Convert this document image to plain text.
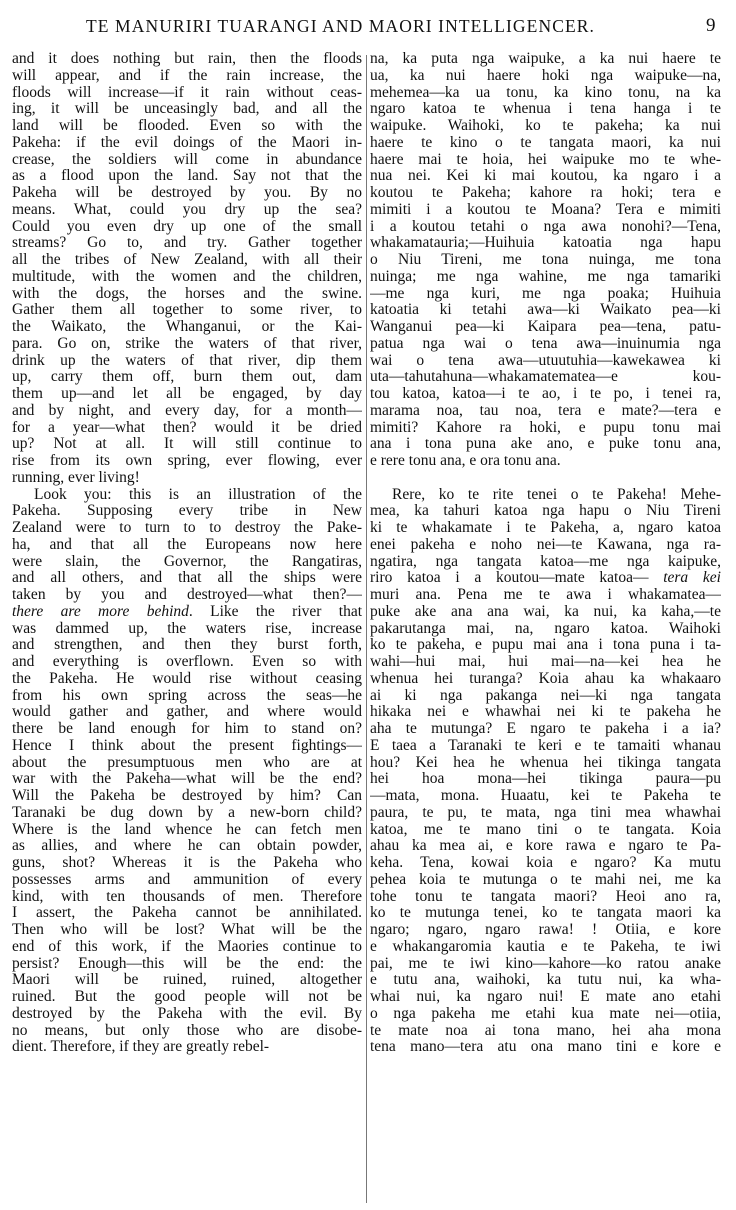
TE MANURIRI TUARANGI AND MAORI INTELLIGENCER.	9
and it does nothing but rain, then the floods
will appear, and if the rain increase, the
floods will increase—if it rain without ceas-
ing, it will be unceasingly bad, and all the
land will be flooded. Even so with the
Pakeha: if the evil doings of the Maori in-
crease, the soldiers will come in abundance
as a flood upon the land. Say not that the
Pakeha will be destroyed by you. By no
means. What, could you dry up the sea?
Could you even dry up one of the small
streams? Go to, and try. Gather together
all the tribes of New Zealand, with all their
multitude, with the women and the children,
with the dogs, the horses and the swine.
Gather them all together to some river, to
the Waikato, the Whanganui, or the Kai-
para. Go on, strike the waters of that river,
drink up the waters of that river, dip them
up, carry them off, burn them out, dam
them up—and let all be engaged, by day
and by night, and every day, for a month—
for a year—what then? would it be dried
up? Not at all. It will still continue to
rise from its own spring, ever flowing, ever
running, ever living!
Look you: this is an illustration of the
Pakeha. Supposing every tribe in New
Zealand were to turn to to destroy the Pake-
ha, and that all the Europeans now here
were slain, the Governor, the Rangatiras,
and all others, and that all the ships were
taken by you and destroyed—what then?—
there are more behind. Like the river that
was dammed up, the waters rise, increase
and strengthen, and then they burst forth,
and everything is overflown. Even so with
the Pakeha. He would rise without ceasing
from his own spring across the seas—he
would gather and gather, and where would
there be land enough for him to stand on?
Hence I think about the present fightings—
about the presumptuous men who are at
war with the Pakeha—what will be the end?
Will the Pakeha be destroyed by him? Can
Taranaki be dug down by a new-born child?
Where is the land whence he can fetch men
as allies, and where he can obtain powder,
guns, shot? Whereas it is the Pakeha who
possesses arms and ammunition of every
kind, with ten thousands of men. Therefore
I assert, the Pakeha cannot be annihilated.
Then who will be lost? What will be the
end of this work, if the Maories continue to
persist? Enough—this will be the end: the
Maori will be ruined, ruined, altogether
ruined. But the good people will not be
destroyed by the Pakeha with the evil. By
no means, but only those who are disobe-
dient. Therefore, if they are greatly rebel-
na, ka puta nga waipuke, a ka nui haere te
ua, ka nui haere hoki nga waipuke—na,
mehemea—ka ua tonu, ka kino tonu, na ka
ngaro katoa te whenua i tena hanga i te
waipuke. Waihoki, ko te pakeha; ka nui
haere te kino o te tangata maori, ka nui
haere mai te hoia, hei waipuke mo te whe-
nua nei. Kei ki mai koutou, ka ngaro i a
koutou te Pakeha; kahore ra hoki; tera e
mimiti i a koutou te Moana? Tera e mimiti
i a koutou tetahi o nga awa nonohi?—Tena,
whakamatauria;—Huihuia katoatia nga hapu
o Niu Tireni, me tona nuinga, me tona
nuinga; me nga wahine, me nga tamariki
—me nga kuri, me nga poaka; Huihuia
katoatia ki tetahi awa—ki Waikato pea—ki
Wanganui pea—ki Kaipara pea—tena, patu-
patua nga wai o tena awa—inuinumia nga
wai o tena awa—utuutuhia—kawekawea ki
uta—tahutahuna—whakamatematea—e kou-
tou katoa, katoa—i te ao, i te po, i tenei ra,
marama noa, tau noa, tera e mate?—tera e
mimiti? Kahore ra hoki, e pupu tonu mai
ana i tona puna ake ano, e puke tonu ana,
e rere tonu ana, e ora tonu ana.

Rere, ko te rite tenei o te Pakeha! Mehe-
mea, ka tahuri katoa nga hapu o Niu Tireni
ki te whakamate i te Pakeha, a, ngaro katoa
enei pakeha e noho nei—te Kawana, nga ra-
ngatira, nga tangata katoa—me nga kaipuke,
riro katoa i a koutou—mate katoa— tera kei
muri ana. Pena me te awa i whakamatea—
puke ake ana ana wai, ka nui, ka kaha,—te
pakarutanga mai, na, ngaro katoa. Waihoki
ko te pakeha, e pupu mai ana i tona puna i ta-
wahi—hui mai, hui mai—na—kei hea he
whenua hei turanga? Koia ahau ka whakaaro
ai ki nga pakanga nei—ki nga tangata
hikaka nei e whawhai nei ki te pakeha he
aha te mutunga? E ngaro te pakeha i a ia?
E taea a Taranaki te keri e te tamaiti whanau
hou? Kei hea he whenua hei tikinga tangata
hei hoa mona—hei tikinga paura—pu
—mata, mona. Huaatu, kei te Pakeha te
paura, te pu, te mata, nga tini mea whawhai
katoa, me te mano tini o te tangata. Koia
ahau ka mea ai, e kore rawa e ngaro te Pa-
keha. Tena, kowai koia e ngaro? Ka mutu
pehea koia te mutunga o te mahi nei, me ka
tohe tonu te tangata maori? Heoi ano ra,
ko te mutunga tenei, ko te tangata maori ka
ngaro; ngaro, ngaro rawa! ! Otiia, e kore
e whakangaromia kautia e te Pakeha, te iwi
pai, me te iwi kino—kahore—ko ratou anake
e tutu ana, waihoki, ka tutu nui, ka wha-
whai nui, ka ngaro nui! E mate ano etahi
o nga pakeha me etahi kua mate nei—otiia,
te mate noa ai tona mano, hei aha mona
tena mano—tera atu ona mano tini e kore e
